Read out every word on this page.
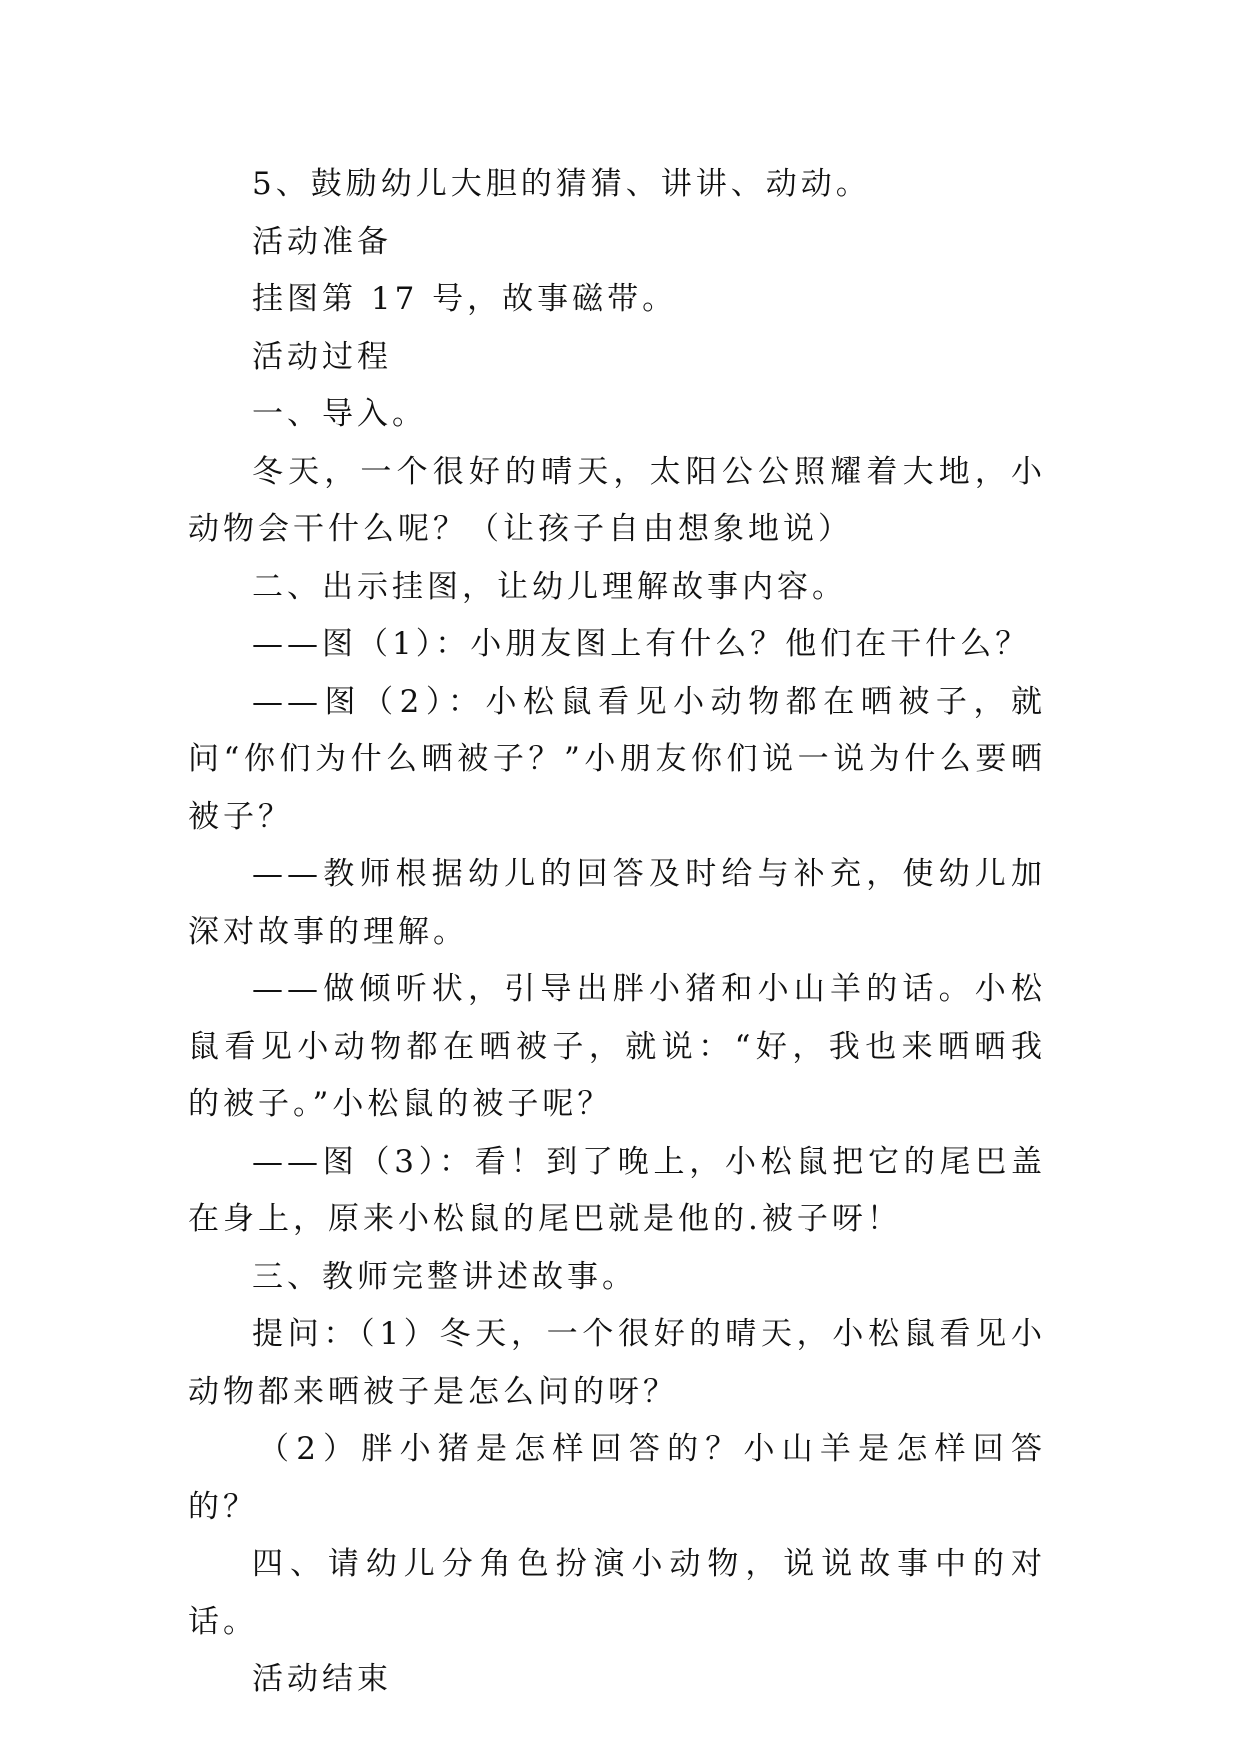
5、鼓励幼儿大胆的猜猜、讲讲、动动。

活动准备

挂图第 17 号，故事磁带。

活动过程

一、导入。

冬天，一个很好的晴天，太阳公公照耀着大地，小动物会干什么呢？（让孩子自由想象地说）

二、出示挂图，让幼儿理解故事内容。

——图（1）：小朋友图上有什么？他们在干什么？

——图（2）：小松鼠看见小动物都在晒被子，就问“你们为什么晒被子？”小朋友你们说一说为什么要晒被子？

——教师根据幼儿的回答及时给与补充，使幼儿加深对故事的理解。

——做倾听状，引导出胖小猪和小山羊的话。小松鼠看见小动物都在晒被子，就说：“好，我也来晒晒我的被子。”小松鼠的被子呢？

——图（3）：看！到了晚上，小松鼠把它的尾巴盖在身上，原来小松鼠的尾巴就是他的.被子呀！

三、教师完整讲述故事。

提问：（1）冬天，一个很好的晴天，小松鼠看见小动物都来晒被子是怎么问的呀？

（2）胖小猪是怎样回答的？小山羊是怎样回答的？

四、请幼儿分角色扮演小动物，说说故事中的对话。

活动结束
